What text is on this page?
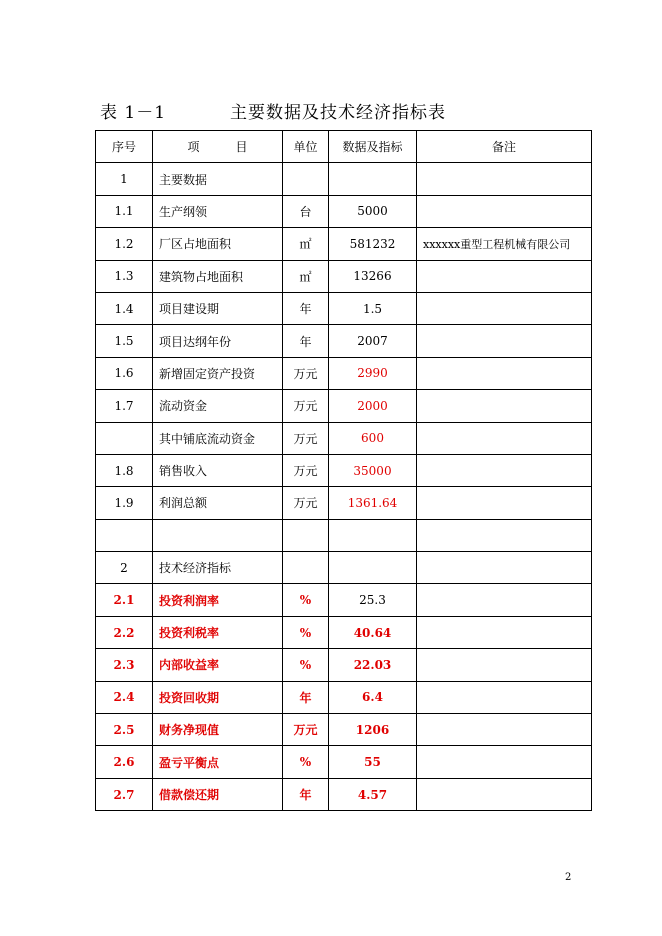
表 1－1	主要数据及技术经济指标表
序号	项　　　目	单位	数据及指标	备注
1	主要数据			
1.1	生产纲领	台	5000	
1.2	厂区占地面积	㎡	581232	xxxxxx重型工程机械有限公司
1.3	建筑物占地面积	㎡	13266	
1.4	项目建设期	年	1.5	
1.5	项目达纲年份	年	2007	
1.6	新增固定资产投资	万元	2990	
1.7	流动资金	万元	2000	
	其中铺底流动资金	万元	600	
1.8	销售收入	万元	35000	
1.9	利润总额	万元	1361.64	

2	技术经济指标			
2.1	投资利润率	%	25.3	
2.2	投资利税率	%	40.64	
2.3	内部收益率	%	22.03	
2.4	投资回收期	年	6.4	
2.5	财务净现值	万元	1206	
2.6	盈亏平衡点	%	55	
2.7	借款偿还期	年	4.57	
2
